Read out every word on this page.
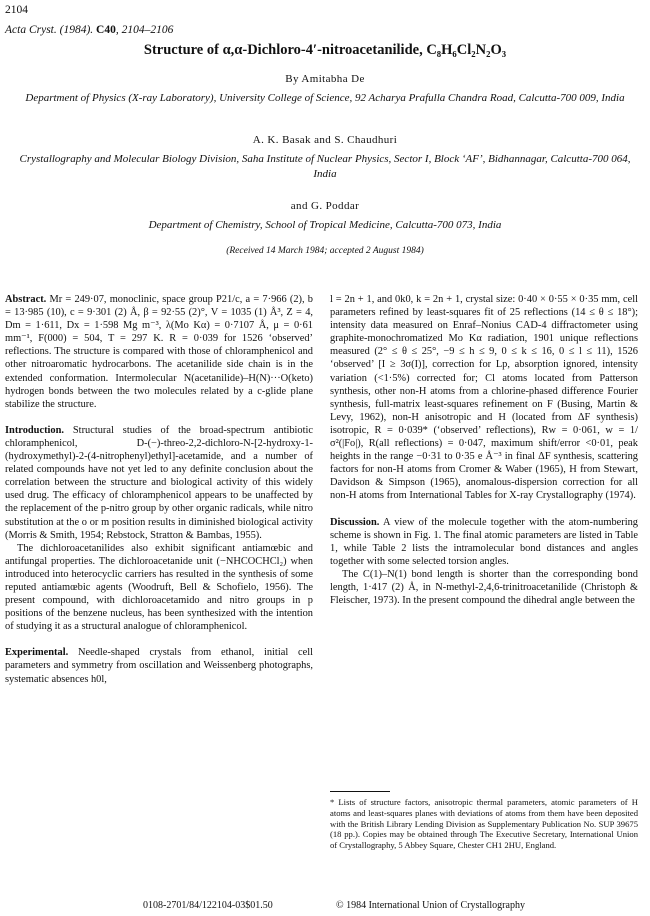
2104
Acta Cryst. (1984). C40, 2104–2106
Structure of α,α-Dichloro-4′-nitroacetanilide, C₈H₆Cl₂N₂O₃
By Amitabha De
Department of Physics (X-ray Laboratory), University College of Science, 92 Acharya Prafulla Chandra Road, Calcutta-700 009, India
A. K. Basak and S. Chaudhuri
Crystallography and Molecular Biology Division, Saha Institute of Nuclear Physics, Sector I, Block ‘AF’, Bidhannagar, Calcutta-700 064, India
and G. Poddar
Department of Chemistry, School of Tropical Medicine, Calcutta-700 073, India
(Received 14 March 1984; accepted 2 August 1984)

Abstract. Mr = 249·07, monoclinic, space group P21/c, a = 7·966 (2), b = 13·985 (10), c = 9·301 (2) Å, β = 92·55 (2)°, V = 1035 (1) Å³, Z = 4, Dm = 1·611, Dx = 1·598 Mg m⁻³, λ(Mo Kα) = 0·7107 Å, μ = 0·61 mm⁻¹, F(000) = 504, T = 297 K. R = 0·039 for 1526 ‘observed’ reflections. The structure is compared with those of chloramphenicol and other nitroaromatic hydrocarbons. The acetanilide side chain is in the extended conformation. Intermolecular N(acetanilide)–H(N)···O(keto) hydrogen bonds between the two molecules related by a c-glide plane stabilize the structure.

Introduction. Structural studies of the broad-spectrum antibiotic chloramphenicol, D-(−)-threo-2,2-dichloro-N-[2-hydroxy-1-(hydroxymethyl)-2-(4-nitrophenyl)ethyl]-acetamide, and a number of related compounds have not yet led to any definite conclusion about the correlation between the structure and biological activity of this widely used drug. The efficacy of chloramphenicol appears to be unaffected by the replacement of the p-nitro group by other organic radicals, while nitro substitution at the o or m position results in diminished biological activity (Morris & Smith, 1954; Rebstock, Stratton & Bambas, 1955).

The dichloroacetanilides also exhibit significant antiamœbic and antifungal properties. The dichloroacetanide unit (−NHCOCHCl₂) when introduced into heterocyclic carriers has resulted in the synthesis of some reputed antiamœbic agents (Woodruft, Bell & Schofielo, 1956). The present compound, with dichloroacetamido and nitro groups in p positions of the benzene nucleus, has been synthesized with the intention of studying it as a structural analogue of chloramphenicol.

Experimental. Needle-shaped crystals from ethanol, initial cell parameters and symmetry from oscillation and Weissenberg photographs, systematic absences h0l,

l = 2n + 1, and 0k0, k = 2n + 1, crystal size: 0·40 × 0·55 × 0·35 mm, cell parameters refined by least-squares fit of 25 reflections (14 ≤ θ ≤ 18°); intensity data measured on Enraf–Nonius CAD-4 diffractometer using graphite-monochromatized Mo Kα radiation, 1901 unique reflections measured (2° ≤ θ ≤ 25°, −9 ≤ h ≤ 9, 0 ≤ k ≤ 16, 0 ≤ l ≤ 11), 1526 ‘observed’ [I ≥ 3σ(I)], correction for Lp, absorption ignored, intensity variation (<1·5%) corrected for; Cl atoms located from Patterson synthesis, other non-H atoms from a chlorine-phased difference Fourier synthesis, full-matrix least-squares refinement on F (Busing, Martin & Levy, 1962), non-H anisotropic and H (located from ΔF synthesis) isotropic, R = 0·039* (‘observed’ reflections), Rw = 0·061, w = 1/σ²(|Fo|), R(all reflections) = 0·047, maximum shift/error <0·01, peak heights in the range −0·31 to 0·35 e Å⁻³ in final ΔF synthesis, scattering factors for non-H atoms from Cromer & Waber (1965), H from Stewart, Davidson & Simpson (1965), anomalous-dispersion correction for all non-H atoms from International Tables for X-ray Crystallography (1974).

Discussion. A view of the molecule together with the atom-numbering scheme is shown in Fig. 1. The final atomic parameters are listed in Table 1, while Table 2 lists the intramolecular bond distances and angles together with some selected torsion angles.

The C(1)–N(1) bond length is shorter than the corresponding bond length, 1·417 (2) Å, in N-methyl-2,4,6-trinitroacetanilide (Christoph & Fleischer, 1973). In the present compound the dihedral angle between the

* Lists of structure factors, anisotropic thermal parameters, atomic parameters of H atoms and least-squares planes with deviations of atoms from them have been deposited with the British Library Lending Division as Supplementary Publication No. SUP 39675 (18 pp.). Copies may be obtained through The Executive Secretary, International Union of Crystallography, 5 Abbey Square, Chester CH1 2HU, England.
0108-2701/84/122104-03$01.50	© 1984 International Union of Crystallography
